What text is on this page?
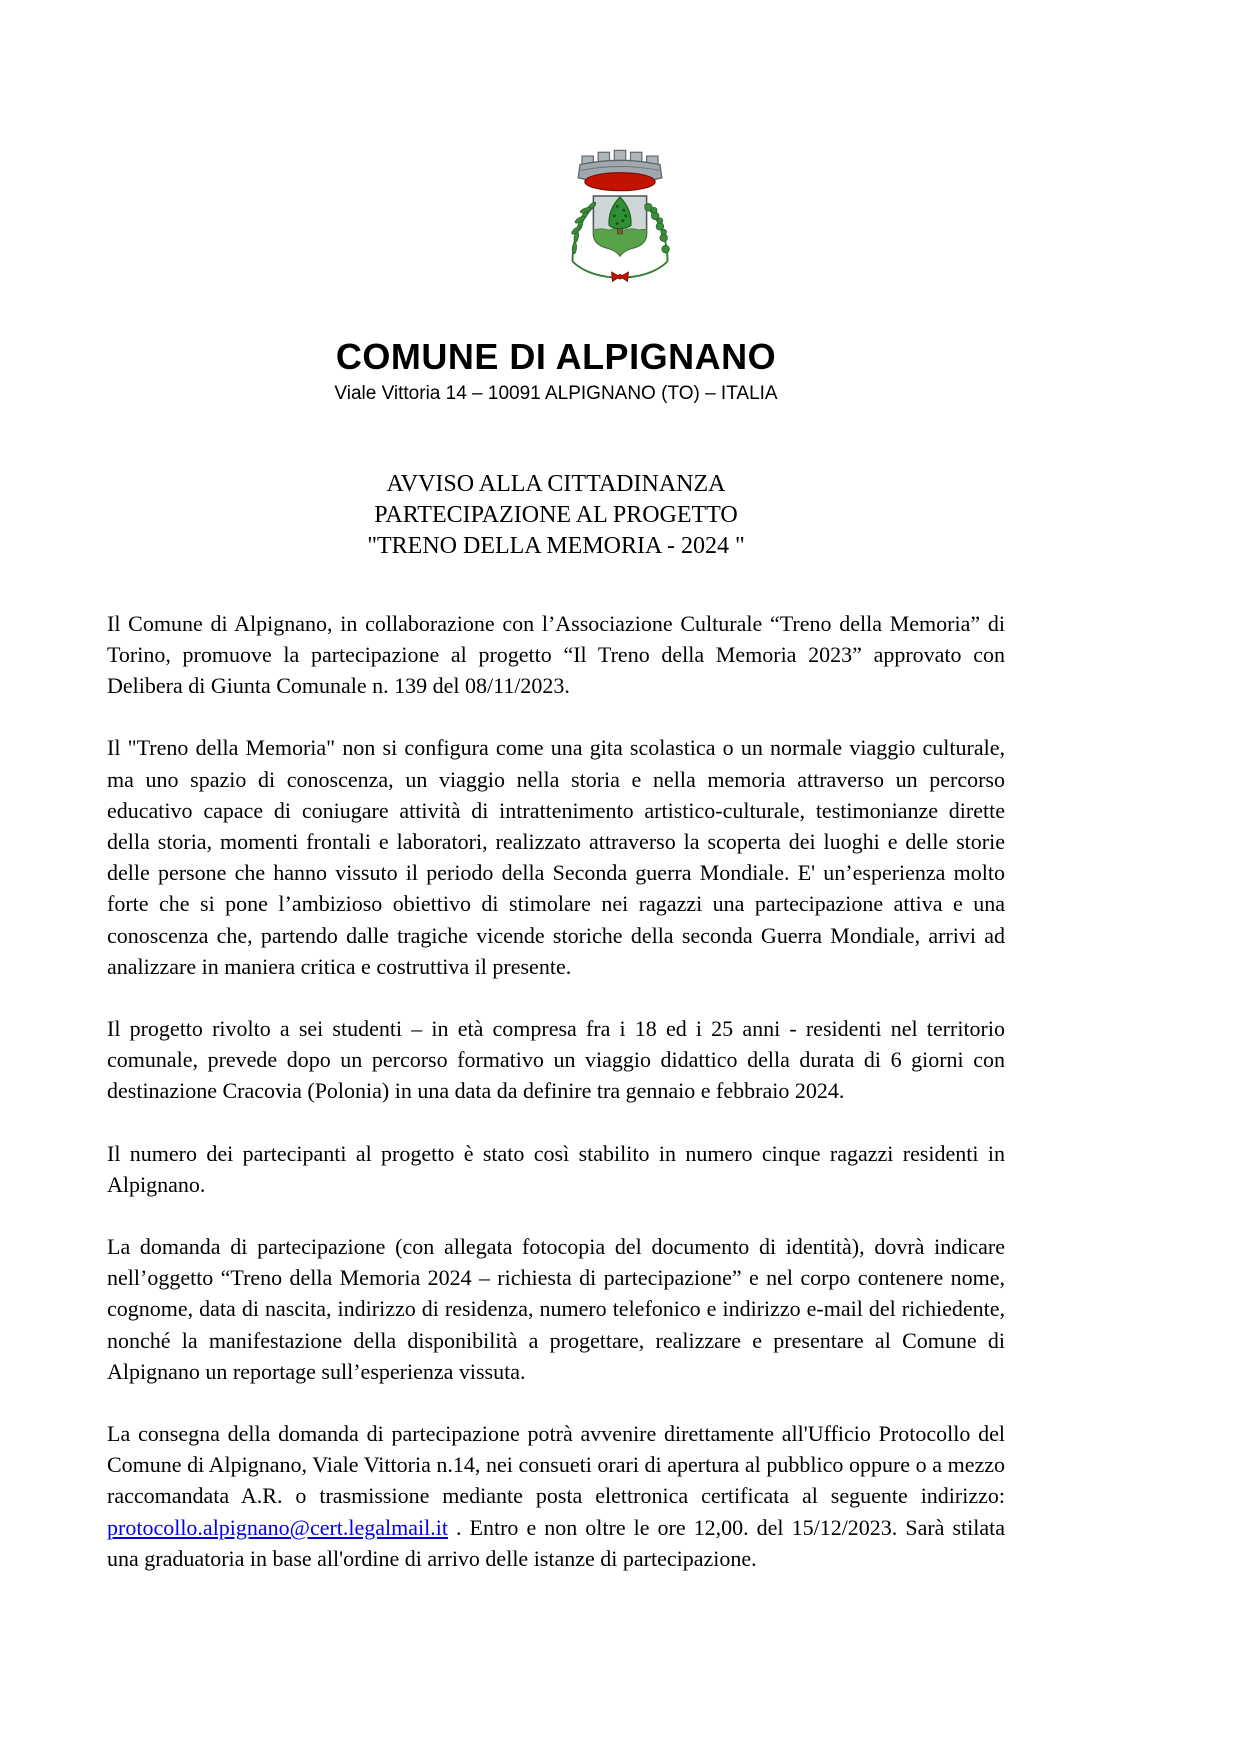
COMUNE DI ALPIGNANO
Viale Vittoria 14 – 10091 ALPIGNANO (TO) – ITALIA
AVVISO ALLA CITTADINANZA
PARTECIPAZIONE AL PROGETTO
"TRENO DELLA MEMORIA - 2024 "

Il Comune di Alpignano, in collaborazione con l’Associazione Culturale “Treno della Memoria” di Torino, promuove la partecipazione al progetto “Il Treno della Memoria 2023” approvato con Delibera di Giunta Comunale n. 139 del 08/11/2023.

Il "Treno della Memoria" non si configura come una gita scolastica o un normale viaggio culturale, ma uno spazio di conoscenza, un viaggio nella storia e nella memoria attraverso un percorso educativo capace di coniugare attività di intrattenimento artistico-culturale, testimonianze dirette della storia, momenti frontali e laboratori, realizzato attraverso la scoperta dei luoghi e delle storie delle persone che hanno vissuto il periodo della Seconda guerra Mondiale. E' un’esperienza molto forte che si pone l’ambizioso obiettivo di stimolare nei ragazzi una partecipazione attiva e una conoscenza che, partendo dalle tragiche vicende storiche della seconda Guerra Mondiale, arrivi ad analizzare in maniera critica e costruttiva il presente.

Il progetto rivolto a sei studenti – in età compresa fra i 18 ed i 25 anni - residenti nel territorio comunale, prevede dopo un percorso formativo un viaggio didattico della durata di 6 giorni con destinazione Cracovia (Polonia) in una data da definire tra gennaio e febbraio 2024.

Il numero dei partecipanti al progetto è stato così stabilito in numero cinque ragazzi residenti in Alpignano.

La domanda di partecipazione (con allegata fotocopia del documento di identità), dovrà indicare nell’oggetto “Treno della Memoria 2024 – richiesta di partecipazione” e nel corpo contenere nome, cognome, data di nascita, indirizzo di residenza, numero telefonico e indirizzo e-mail del richiedente, nonché la manifestazione della disponibilità a progettare, realizzare e presentare al Comune di Alpignano un reportage sull’esperienza vissuta.

La consegna della domanda di partecipazione potrà avvenire direttamente all'Ufficio Protocollo del Comune di Alpignano, Viale Vittoria n.14, nei consueti orari di apertura al pubblico oppure o a mezzo raccomandata A.R. o trasmissione mediante posta elettronica certificata al seguente indirizzo: protocollo.alpignano@cert.legalmail.it . Entro e non oltre le ore 12,00. del 15/12/2023. Sarà stilata una graduatoria in base all'ordine di arrivo delle istanze di partecipazione.
